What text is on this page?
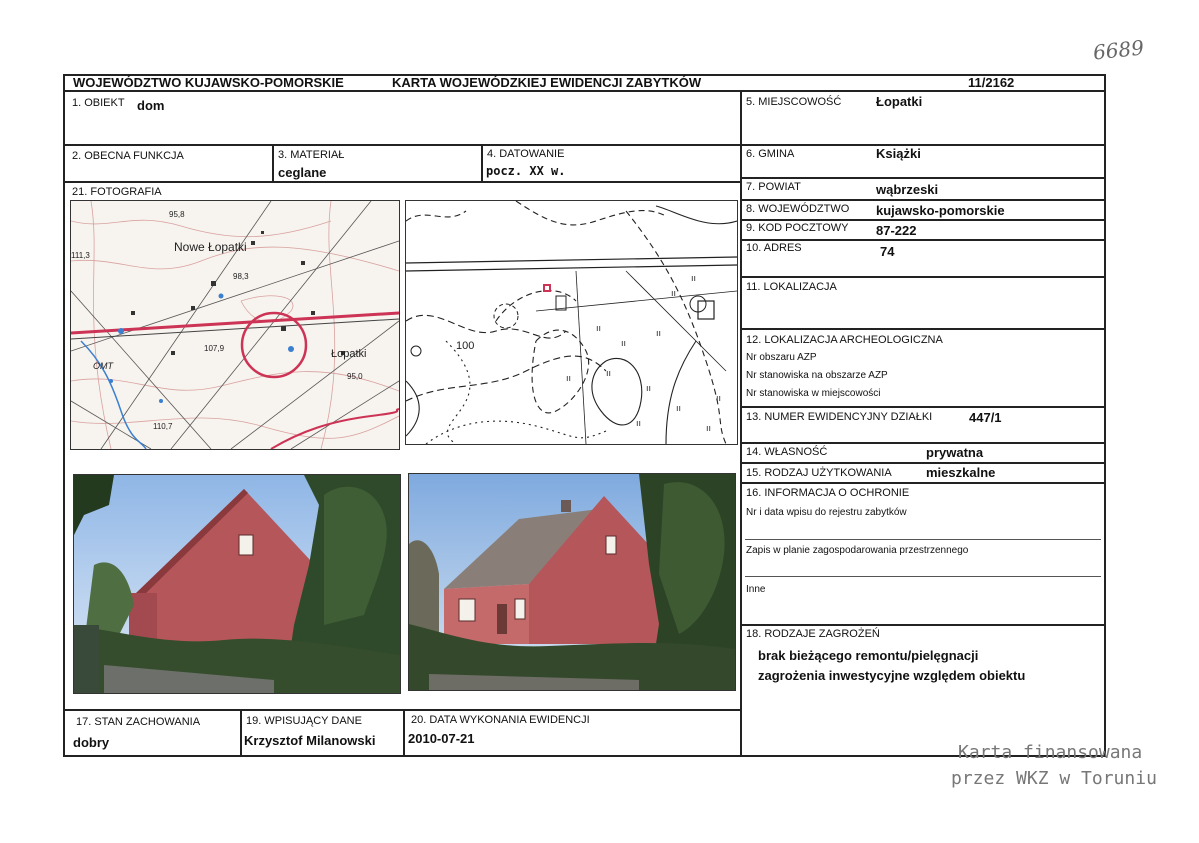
6689
WOJEWÓDZTWO KUJAWSKO-POMORSKIE	KARTA WOJEWÓDZKIEJ EWIDENCJI ZABYTKÓW	11/2162
1. OBIEKT dom
2. OBECNA FUNKCJA	3. MATERIAŁ
ceglane
4. DATOWANIE
pocz. XX w.
21. FOTOGRAFIA
5. MIEJSCOWOŚĆ	Łopatki
6. GMINA	Książki
7. POWIAT	wąbrzeski
8. WOJEWÓDZTWO kujawsko-pomorskie
9. KOD POCZTOWY 87-222
10. ADRES	74
11. LOKALIZACJA
12. LOKALIZACJA ARCHEOLOGICZNA
Nr obszaru AZP
Nr stanowiska na obszarze AZP
Nr stanowiska w miejscowości
13. NUMER EWIDENCYJNY DZIAŁKI	447/1
14. WŁASNOŚĆ	prywatna
15. RODZAJ UŻYTKOWANIA	mieszkalne
16. INFORMACJA O OCHRONIE
Nr i data wpisu do rejestru zabytków
Zapis w planie zagospodarowania przestrzennego
Inne
18. RODZAJE ZAGROŻEŃ
brak bieżącego remontu/pielęgnacji
zagrożenia inwestycyjne względem obiektu
17. STAN ZACHOWANIA
dobry
19. WPISUJĄCY DANE
Krzysztof Milanowski
20. DATA WYKONANIA EWIDENCJI
2010-07-21
Nowe Łopatki
Łopatki
OMT
111,3
95,8
98,3
107,9
95,0
110,7
100
ıı
ıı
ıı
ıı
ıı
ıı
ıı
ıı
ıı
ıı
ıı
ıı
Karta finansowana
przez WKZ w Toruniu
